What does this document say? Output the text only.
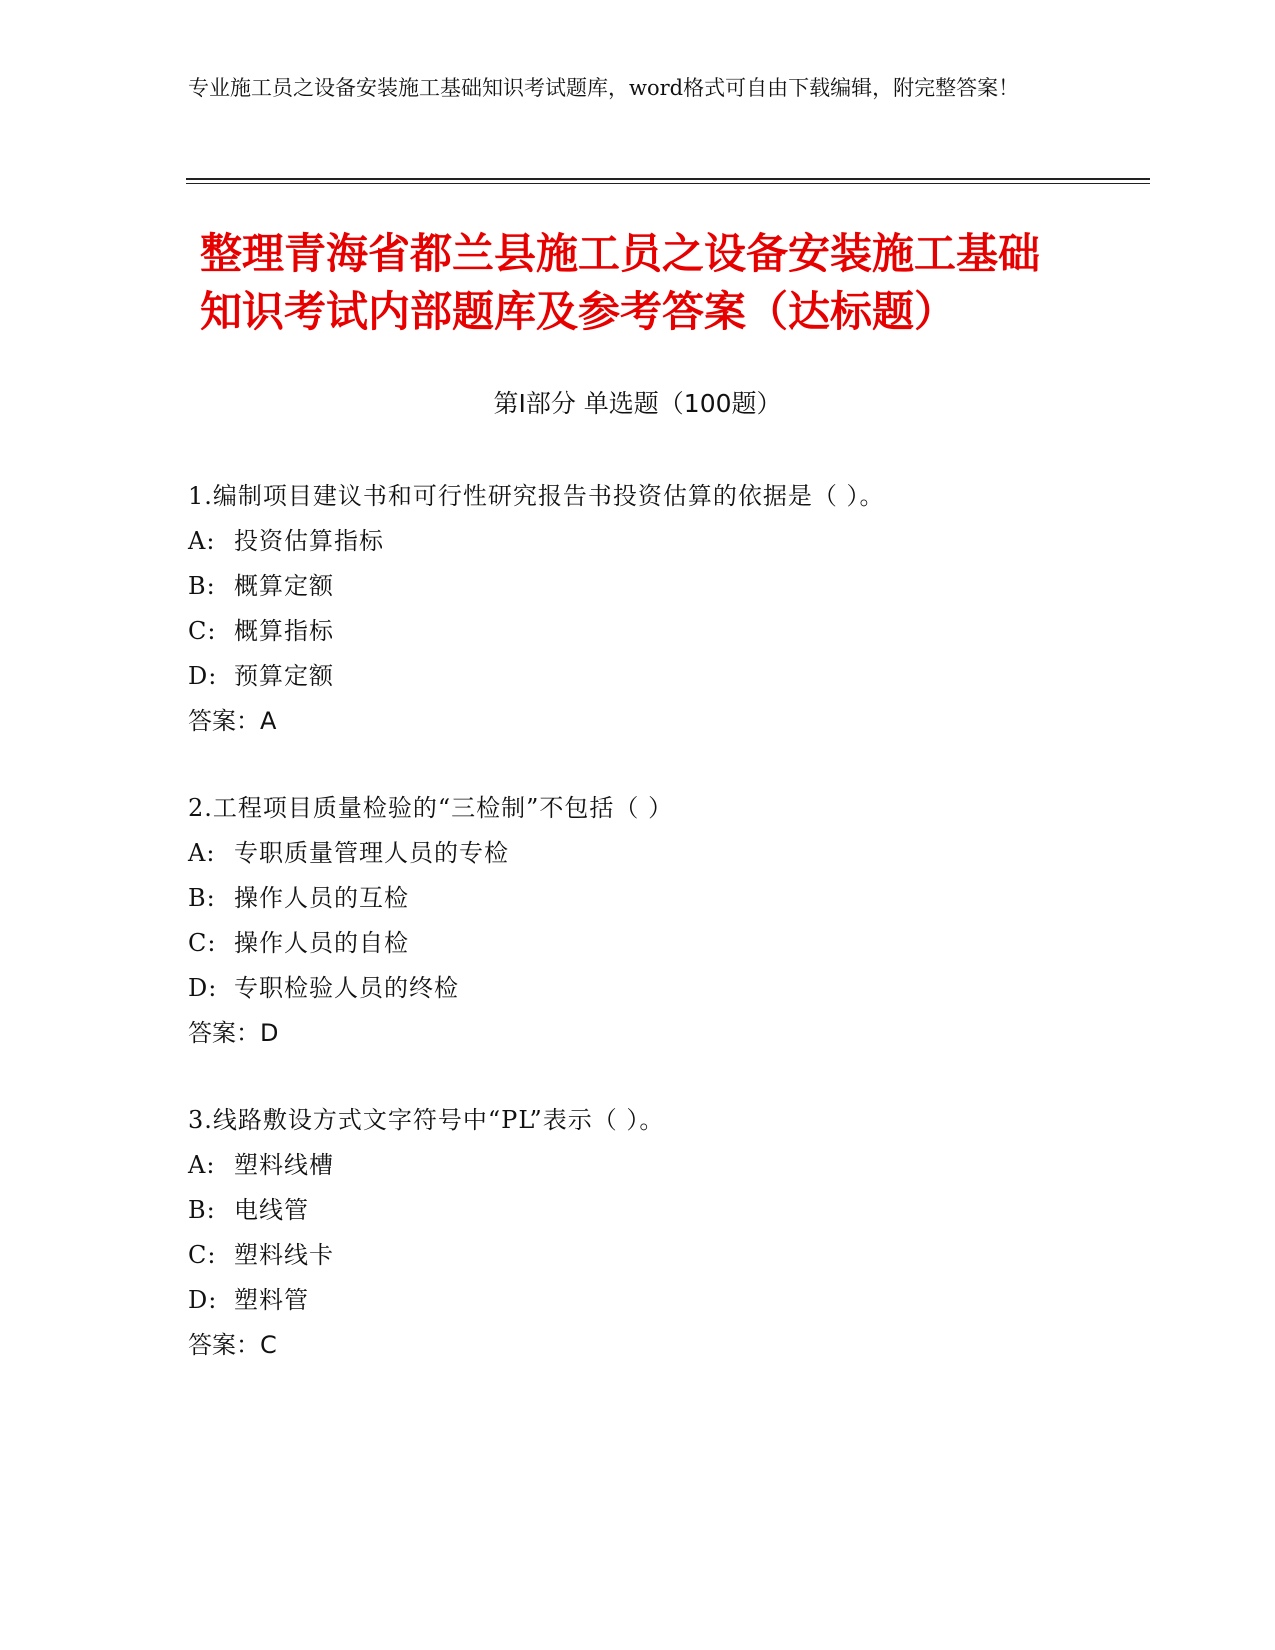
专业施工员之设备安装施工基础知识考试题库，word格式可自由下载编辑，附完整答案！
整理青海省都兰县施工员之设备安装施工基础知识考试内部题库及参考答案（达标题）
第Ⅰ部分 单选题（100题）
1.编制项目建议书和可行性研究报告书投资估算的依据是（ ）。
A: 投资估算指标
B: 概算定额
C: 概算指标
D: 预算定额
答案：A
2.工程项目质量检验的“三检制”不包括（ ）
A: 专职质量管理人员的专检
B: 操作人员的互检
C: 操作人员的自检
D: 专职检验人员的终检
答案：D
3.线路敷设方式文字符号中“PL”表示（ ）。
A: 塑料线槽
B: 电线管
C: 塑料线卡
D: 塑料管
答案：C
